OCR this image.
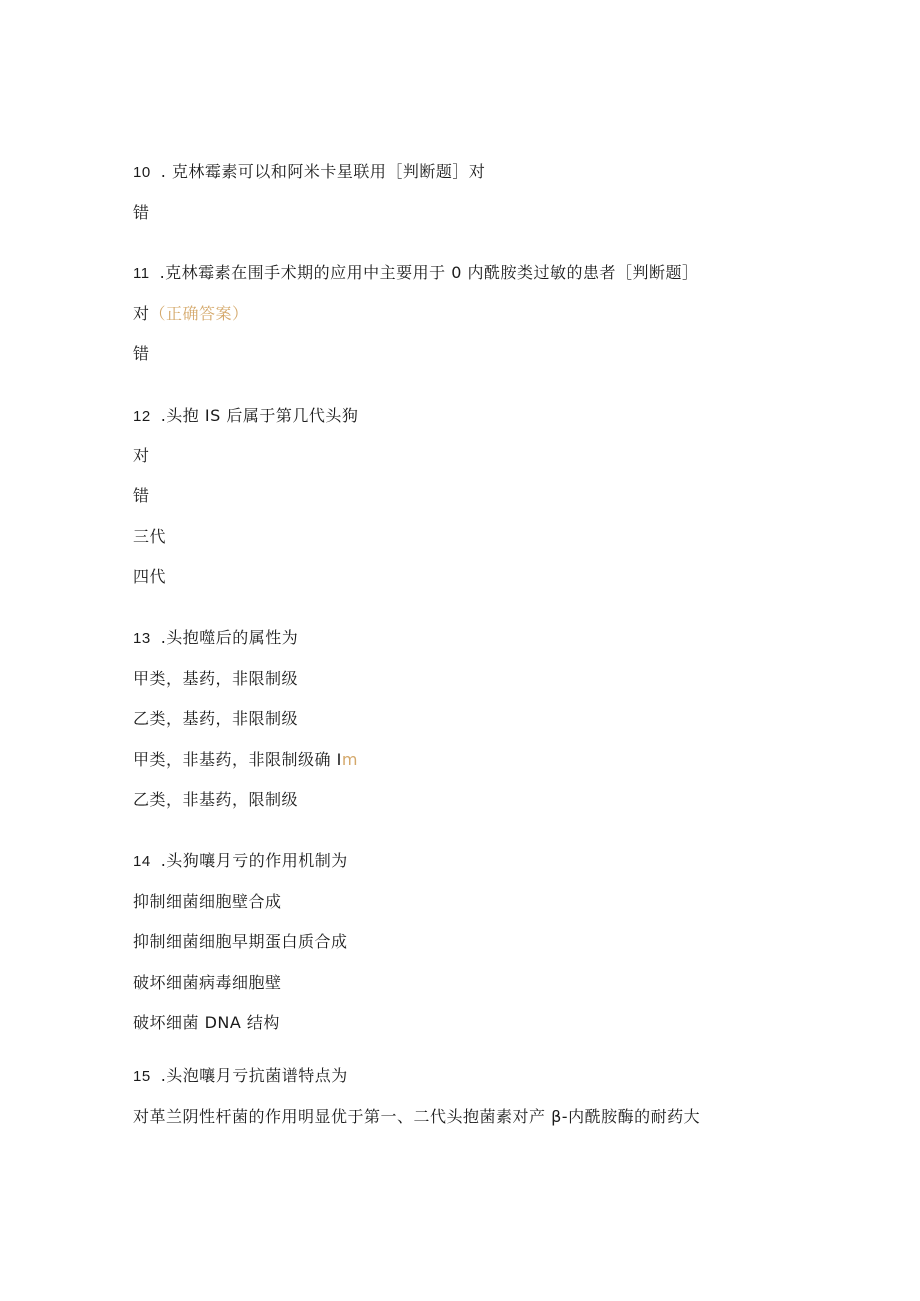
10 . 克林霉素可以和阿米卡星联用［判断题］对
错
11 .克林霉素在围手术期的应用中主要用于 0 内酰胺类过敏的患者［判断题］
对（正确答案）
错
12 .头抱 IS 后属于第几代头狗
对
错
三代
四代
13 .头抱噬后的属性为
甲类，基药，非限制级
乙类，基药，非限制级
甲类，非基药，非限制级确 Im
乙类，非基药，限制级
14 .头狗嚷月亏的作用机制为
抑制细菌细胞壁合成
抑制细菌细胞早期蛋白质合成
破坏细菌病毒细胞壁
破坏细菌 DNA 结构
15 .头泡嚷月亏抗菌谱特点为
对革兰阴性杆菌的作用明显优于第一、二代头抱菌素对产 β-内酰胺酶的耐药大
